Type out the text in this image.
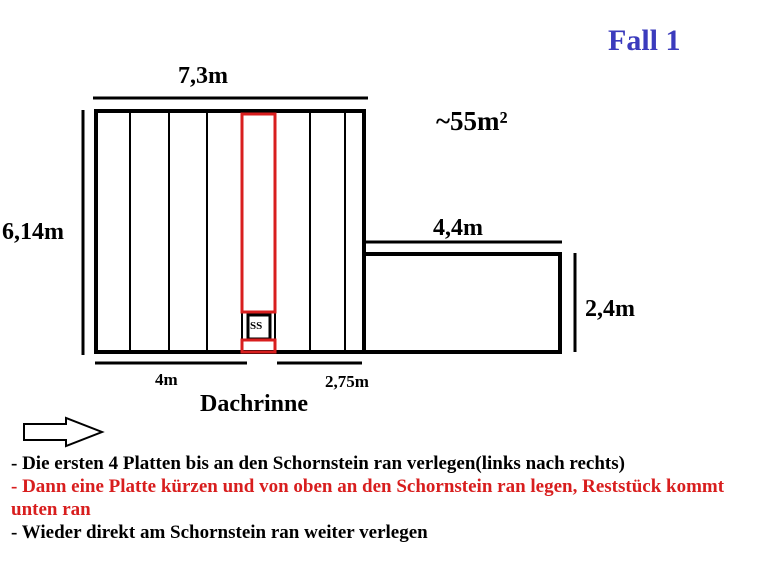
Fall 1
~55m²
7,3m
6,14m	4,4m
2,4m
4m	2,75m
SS
Dachrinne
- Die ersten 4 Platten bis an den Schornstein ran verlegen(links nach rechts)
- Dann eine Platte kürzen und von oben an den Schornstein ran legen, Reststück kommt unten ran
- Wieder direkt am Schornstein ran weiter verlegen
